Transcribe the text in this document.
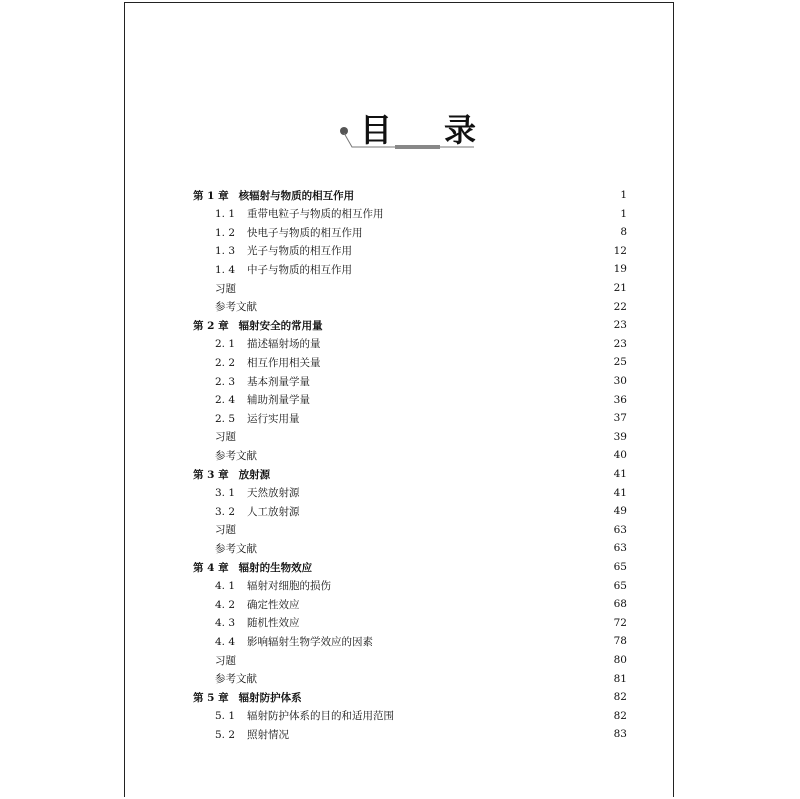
目 录
第 1 章 核辐射与物质的相互作用	1
1. 1 重带电粒子与物质的相互作用	1
1. 2 快电子与物质的相互作用	8
1. 3 光子与物质的相互作用	12
1. 4 中子与物质的相互作用	19
习题	21
参考文献	22
第 2 章 辐射安全的常用量	23
2. 1 描述辐射场的量	23
2. 2 相互作用相关量	25
2. 3 基本剂量学量	30
2. 4 辅助剂量学量	36
2. 5 运行实用量	37
习题	39
参考文献	40
第 3 章 放射源	41
3. 1 天然放射源	41
3. 2 人工放射源	49
习题	63
参考文献	63
第 4 章 辐射的生物效应	65
4. 1 辐射对细胞的损伤	65
4. 2 确定性效应	68
4. 3 随机性效应	72
4. 4 影响辐射生物学效应的因素	78
习题	80
参考文献	81
第 5 章 辐射防护体系	82
5. 1 辐射防护体系的目的和适用范围	82
5. 2 照射情况	83
